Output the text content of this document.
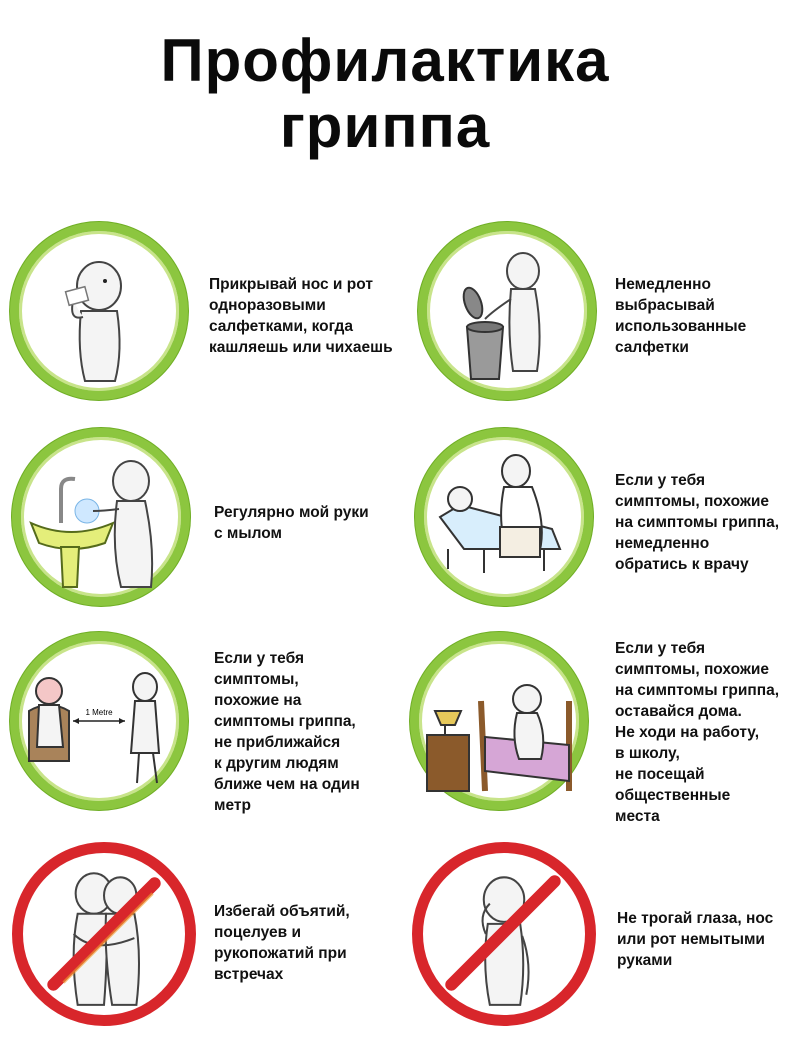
Профилактика
гриппа
Прикрывай нос и рот
одноразовыми
салфетками, когда
кашляешь или чихаешь
Немедленно
выбрасывай
использованные
салфетки
Регулярно мой руки
с мылом
Если у тебя
симптомы, похожие
на симптомы гриппа,
немедленно
обратись к врачу
1 Metre
Если у тебя
симптомы,
похожие на
симптомы гриппа,
не приближайся
к другим людям
ближе чем на один
метр
Если у тебя
симптомы, похожие
на симптомы гриппа,
оставайся дома.
Не ходи на работу,
в школу,
не посещай
общественные
места
Избегай объятий,
поцелуев и
рукопожатий при
встречах
Не трогай глаза, нос
или рот немытыми
руками
